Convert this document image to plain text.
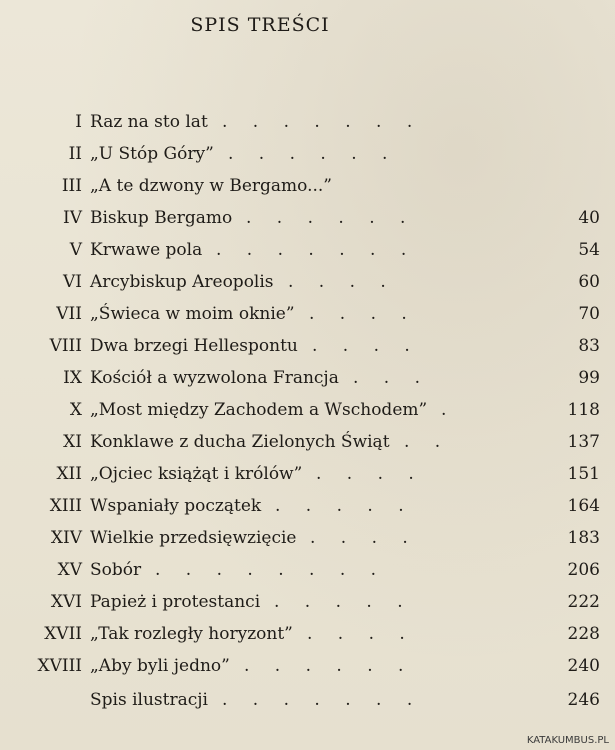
SPIS TREŚCI
I Raz na sto lat . . . . . . .
II „U Stóp Góry” . . . . . .
III „A te dzwony w Bergamo...”
IV Biskup Bergamo	40
. . . . . .
V Krwawe pola	54
. . . . . . .
VI Arcybiskup Areopolis	60
. . . .
VII „Świeca w moim oknie”	70
. . . .
VIII Dwa brzegi Hellespontu	83
. . . .
IX Kościół a wyzwolona Francja	99
. . .
X „Most między Zachodem a Wschodem”	118
.
XI Konklawe z ducha Zielonych Świąt	137
. .
XII „Ojciec książąt i królów”	151
. . . .
XIII Wspaniały początek	164
. . . . .
XIV Wielkie przedsięwzięcie	183
. . . .
XV Sobór	206
. . . . . . . .
XVI Papież i protestanci	222
. . . . .
XVII „Tak rozległy horyzont”	228
. . . .
XVIII „Aby byli jedno”	240
. . . . . .
Spis ilustracji	246
. . . . . . .
KATAKUMBUS.PL
